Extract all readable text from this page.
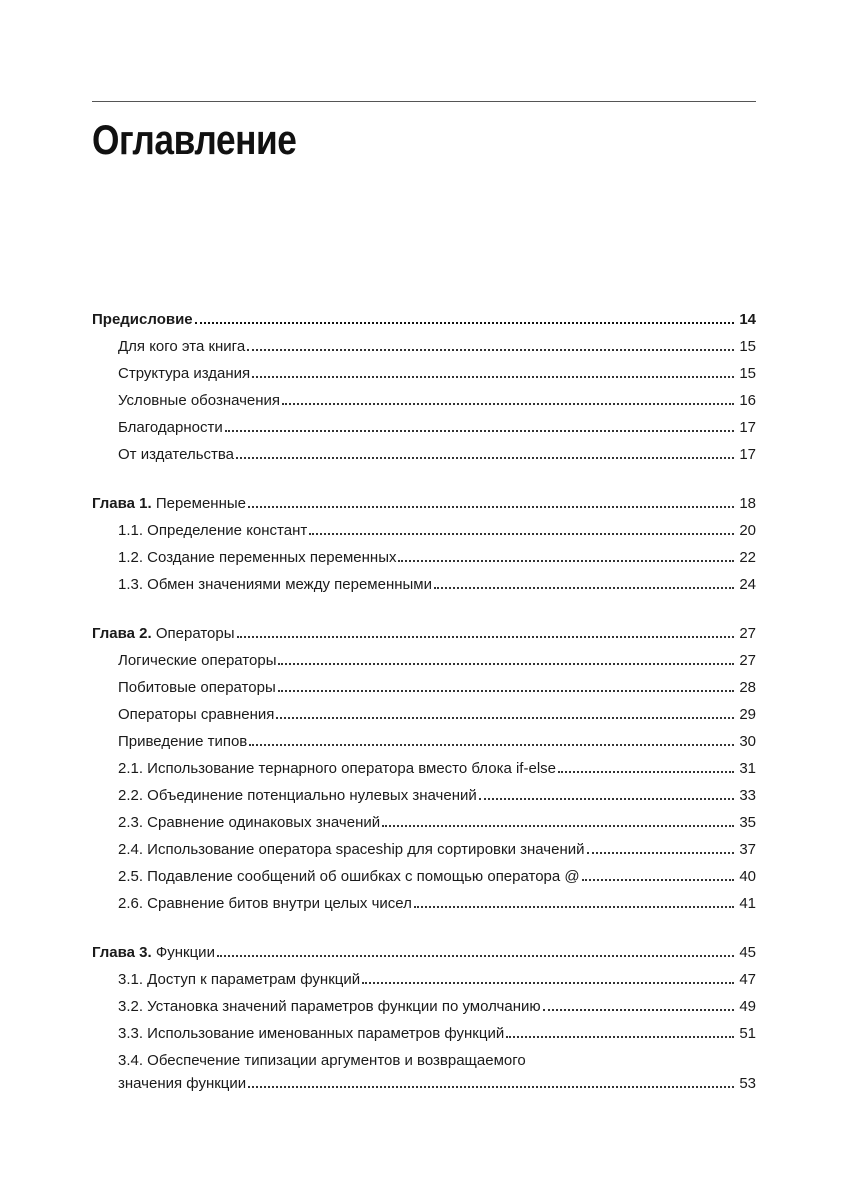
Оглавление
Предисловие	14
Для кого эта книга	15
Структура издания	15
Условные обозначения	16
Благодарности	17
От издательства	17
Глава 1. Переменные	18
1.1. Определение констант	20
1.2. Создание переменных переменных	22
1.3. Обмен значениями между переменными	24
Глава 2. Операторы	27
Логические операторы	27
Побитовые операторы	28
Операторы сравнения	29
Приведение типов	30
2.1. Использование тернарного оператора вместо блока if-else	31
2.2. Объединение потенциально нулевых значений	33
2.3. Сравнение одинаковых значений	35
2.4. Использование оператора spaceship для сортировки значений	37
2.5. Подавление сообщений об ошибках с помощью оператора @	40
2.6. Сравнение битов внутри целых чисел	41
Глава 3. Функции	45
3.1. Доступ к параметрам функций	47
3.2. Установка значений параметров функции по умолчанию	49
3.3. Использование именованных параметров функций	51
3.4. Обеспечение типизации аргументов и возвращаемого
значения функции	53
